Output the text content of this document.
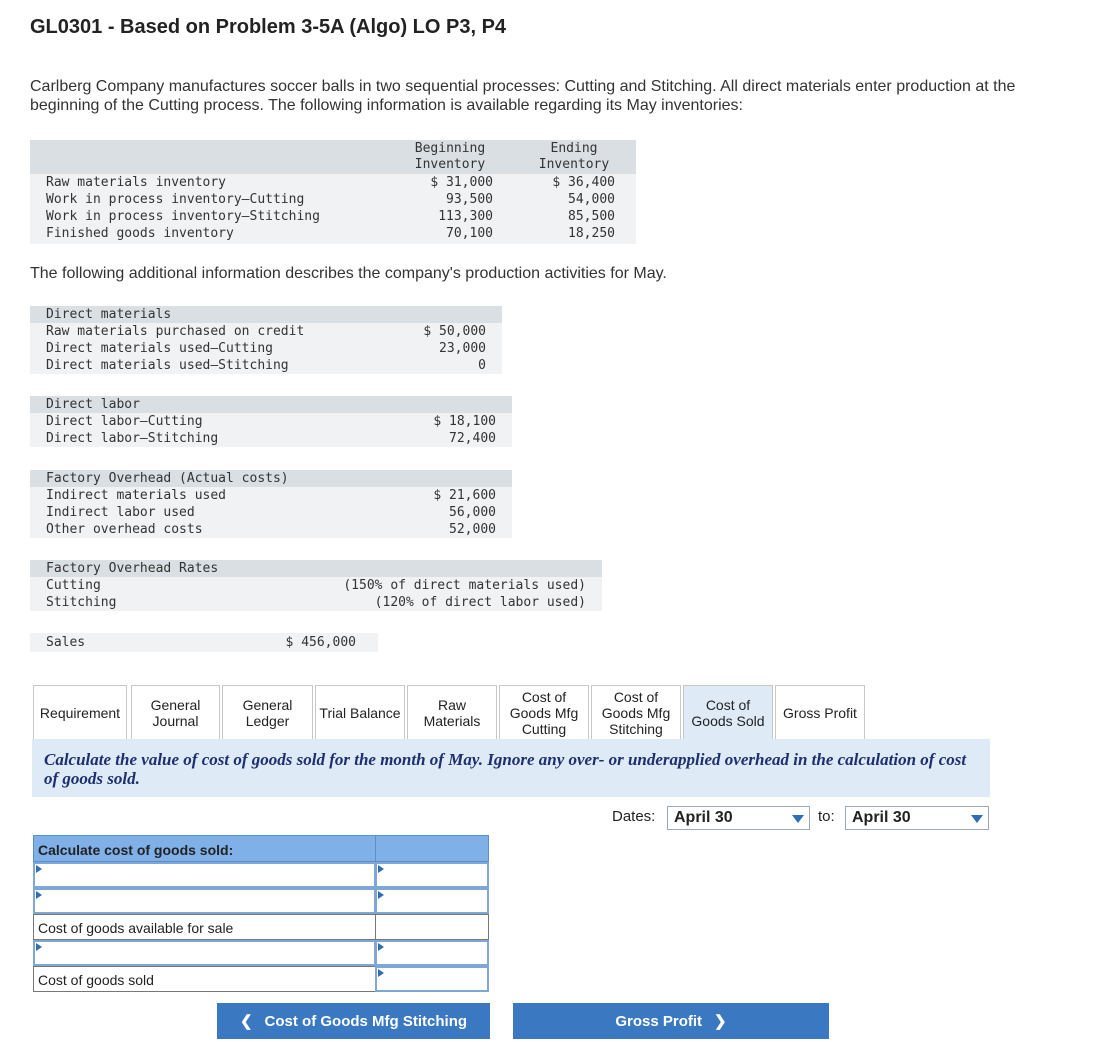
GL0301 - Based on Problem 3-5A (Algo) LO P3, P4
Carlberg Company manufactures soccer balls in two sequential processes: Cutting and Stitching. All direct materials enter production at the beginning of the Cutting process. The following information is available regarding its May inventories:
Beginning
Inventory
Ending
Inventory
Raw materials inventory	$ 31,000	$ 36,400
Work in process inventory—Cutting	93,500	54,000
Work in process inventory—Stitching	113,300	85,500
Finished goods inventory	70,100	18,250
The following additional information describes the company's production activities for May.
Direct materials
Raw materials purchased on credit	$ 50,000
Direct materials used—Cutting	23,000
Direct materials used—Stitching	0
Direct labor
Direct labor—Cutting	$ 18,100
Direct labor—Stitching	72,400
Factory Overhead (Actual costs)
Indirect materials used	$ 21,600
Indirect labor used	56,000
Other overhead costs	52,000
Factory Overhead Rates
Cutting	(150% of direct materials used)
Stitching	(120% of direct labor used)
Sales	$ 456,000
Requirement General
Journal
General
Ledger Trial Balance	Raw
Materials
Cost of
Goods Mfg
Cutting
Cost of
Goods Mfg
Stitching
Cost of
Goods Sold Gross Profit
Calculate the value of cost of goods sold for the month of May. Ignore any over- or underapplied overhead in the calculation of cost of goods sold.
Dates:	April 30	to:	April 30
Calculate cost of goods sold:
Cost of goods available for sale
Cost of goods sold
❮ Cost of Goods Mfg Stitching	Gross Profit ❯
